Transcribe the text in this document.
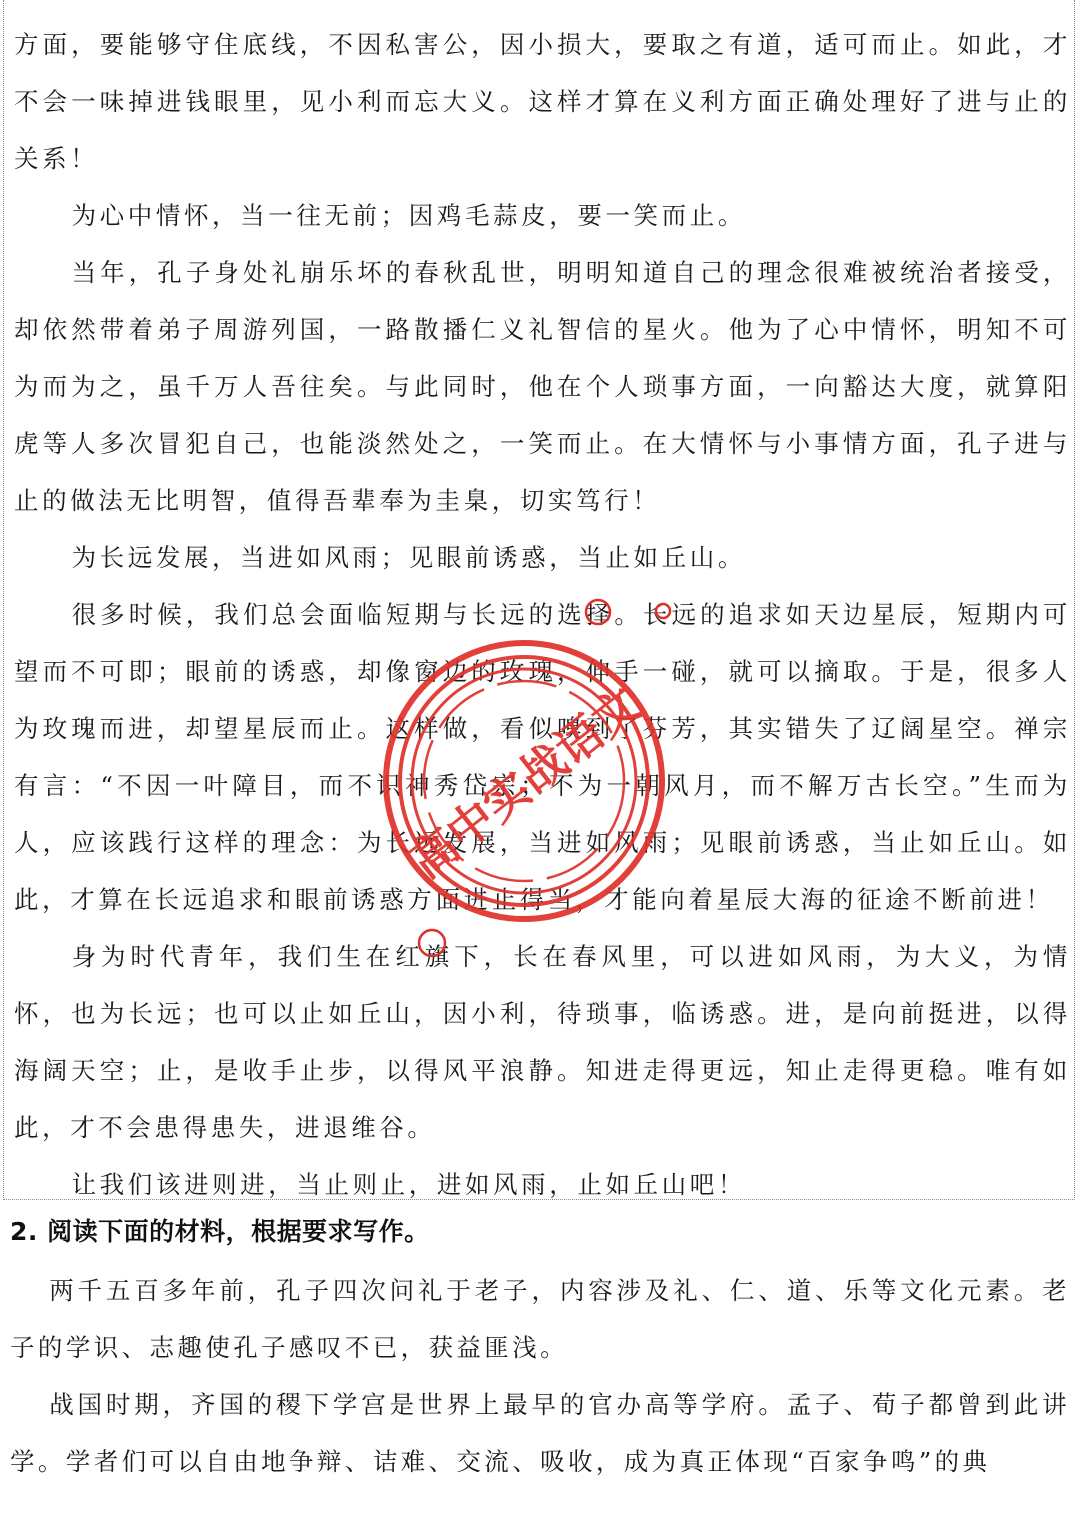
方面，要能够守住底线，不因私害公，因小损大，要取之有道，适可而止。如此，才不会一味掉进钱眼里，见小利而忘大义。这样才算在义利方面正确处理好了进与止的关系！

为心中情怀，当一往无前；因鸡毛蒜皮，要一笑而止。

当年，孔子身处礼崩乐坏的春秋乱世，明明知道自己的理念很难被统治者接受，却依然带着弟子周游列国，一路散播仁义礼智信的星火。他为了心中情怀，明知不可为而为之，虽千万人吾往矣。与此同时，他在个人琐事方面，一向豁达大度，就算阳虎等人多次冒犯自己，也能淡然处之，一笑而止。在大情怀与小事情方面，孔子进与止的做法无比明智，值得吾辈奉为圭臬，切实笃行！

为长远发展，当进如风雨；见眼前诱惑，当止如丘山。

很多时候，我们总会面临短期与长远的选择。长远的追求如天边星辰，短期内可望而不可即；眼前的诱惑，却像窗边的玫瑰，伸手一碰，就可以摘取。于是，很多人为玫瑰而进，却望星辰而止。这样做，看似嗅到了芬芳，其实错失了辽阔星空。禅宗有言：“不因一叶障目，而不识神秀岱宗；不为一朝风月，而不解万古长空。”生而为人，应该践行这样的理念：为长远发展，当进如风雨；见眼前诱惑，当止如丘山。如此，才算在长远追求和眼前诱惑方面进止得当，才能向着星辰大海的征途不断前进！

身为时代青年，我们生在红旗下，长在春风里，可以进如风雨，为大义，为情怀，也为长远；也可以止如丘山，因小利，待琐事，临诱惑。进，是向前挺进，以得海阔天空；止，是收手止步，以得风平浪静。知进走得更远，知止走得更稳。唯有如此，才不会患得患失，进退维谷。

让我们该进则进，当止则止，进如风雨，止如丘山吧！

2. 阅读下面的材料，根据要求写作。

两千五百多年前，孔子四次问礼于老子，内容涉及礼、仁、道、乐等文化元素。老子的学识、志趣使孔子感叹不已，获益匪浅。

战国时期，齐国的稷下学宫是世界上最早的官办高等学府。孟子、荀子都曾到此讲学。学者们可以自由地争辩、诘难、交流、吸收，成为真正体现“百家争鸣”的典

高中实战语文
